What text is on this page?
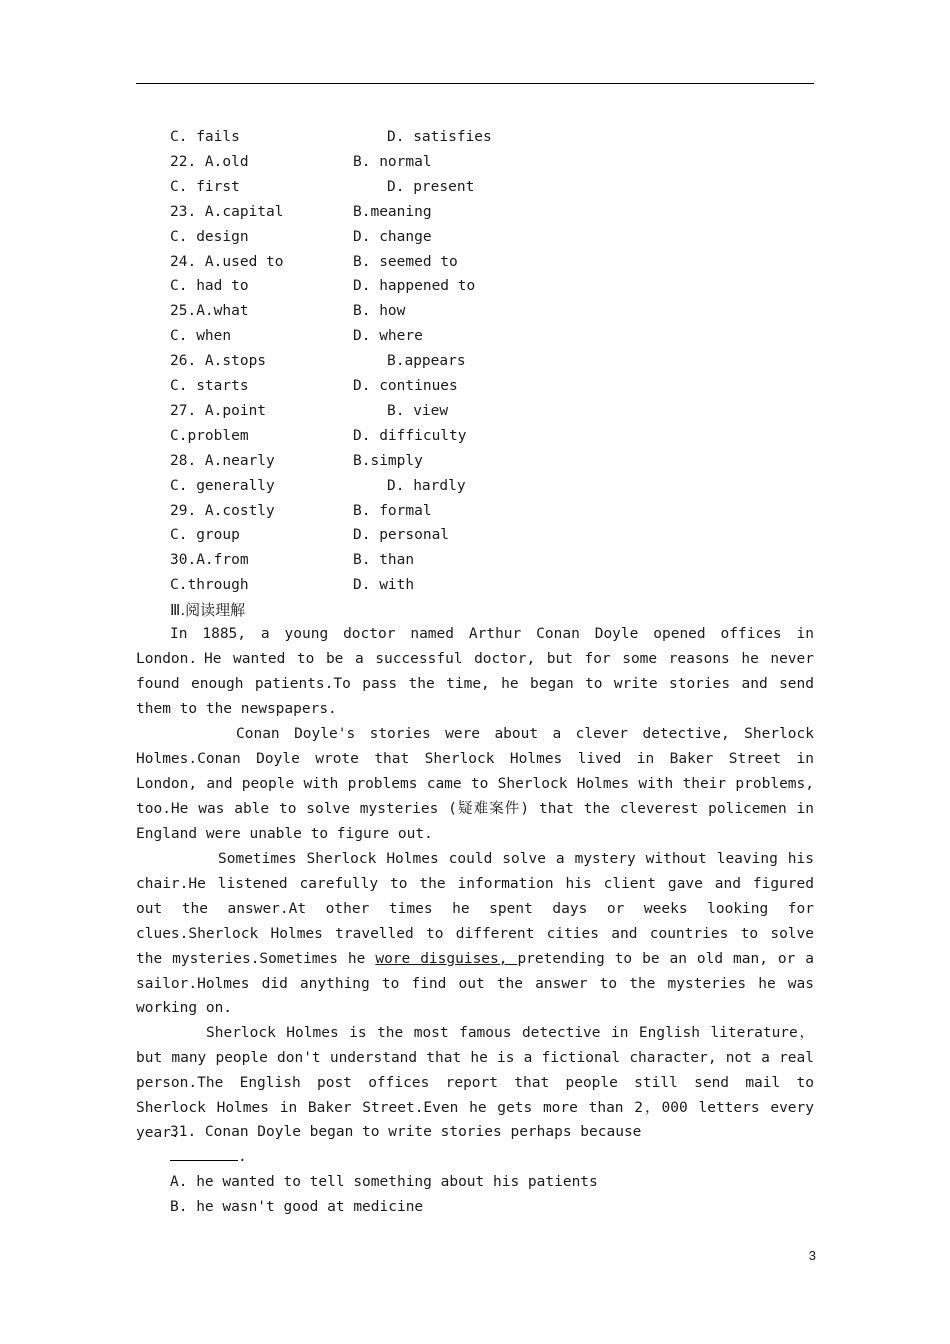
C. fails	D. satisfies
22. A.old	B. normal
C. first	D. present
23. A.capital	B.meaning
C. design	D. change
24. A.used to	B. seemed to
C. had to	D. happened to
25.A.what	B. how
C. when	D. where
26. A.stops	B.appears
C. starts	D. continues
27. A.point	B. view
C.problem	D. difficulty
28. A.nearly	B.simply
C. generally	D. hardly
29. A.costly	B. formal
C. group	D. personal
30.A.from	B. than
C.through	D. with
Ⅲ.阅读理解
In 1885, a young doctor named Arthur Conan Doyle opened offices in London. He wanted to be a successful doctor, but for some reasons he never found enough patients.To pass the time, he began to write stories and send them to the newspapers.
Conan Doyle's stories were about a clever detective, Sherlock Holmes.Conan Doyle wrote that Sherlock Holmes lived in Baker Street in London, and people with problems came to Sherlock Holmes with their problems, too.He was able to solve mysteries (疑难案件) that the cleverest policemen in England were unable to figure out.
Sometimes Sherlock Holmes could solve a mystery without leaving his chair.He listened carefully to the information his client gave and figured out the answer.At other times he spent days or weeks looking for clues.Sherlock Holmes travelled to different cities and countries to solve the mysteries.Sometimes he wore disguises, pretending to be an old man, or a sailor.Holmes did anything to find out the answer to the mysteries he was working on.
Sherlock Holmes is the most famous detective in English literature，but many people don't understand that he is a fictional character, not a real person.The English post offices report that people still send mail to Sherlock Holmes in Baker Street.Even he gets more than 2，000 letters every year.
31. Conan Doyle began to write stories perhaps because
.
A. he wanted to tell something about his patients
B. he wasn't good at medicine
3
